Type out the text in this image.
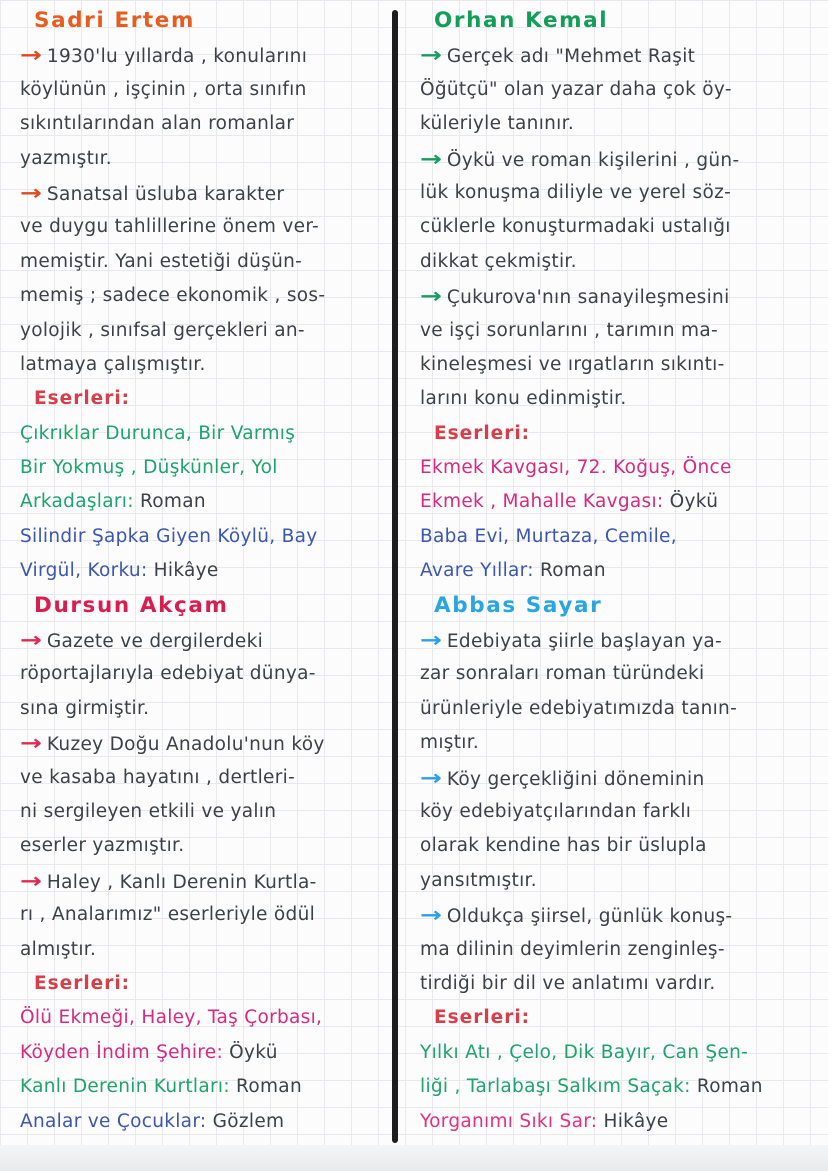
Sadri Ertem
→ 1930'lu yıllarda , konularını
köylünün , işçinin , orta sınıfın
sıkıntılarından alan romanlar
yazmıştır.
→ Sanatsal üsluba karakter
ve duygu tahlillerine önem ver-
memiştir. Yani estetiği düşün-
memiş ; sadece ekonomik , sos-
yolojik , sınıfsal gerçekleri an-
latmaya çalışmıştır.
Eserleri:
Çıkrıklar Durunca, Bir Varmış
Bir Yokmuş , Düşkünler, Yol
Arkadaşları: Roman
Silindir Şapka Giyen Köylü, Bay
Virgül, Korku: Hikâye
Dursun Akçam
→ Gazete ve dergilerdeki
röportajlarıyla edebiyat dünya-
sına girmiştir.
→ Kuzey Doğu Anadolu'nun köy
ve kasaba hayatını , dertleri-
ni sergileyen etkili ve yalın
eserler yazmıştır.
→ Haley , Kanlı Derenin Kurtla-
rı , Analarımız" eserleriyle ödül
almıştır.
Eserleri:
Ölü Ekmeği, Haley, Taş Çorbası,
Köyden İndim Şehire: Öykü
Kanlı Derenin Kurtları: Roman
Analar ve Çocuklar: Gözlem
Orhan Kemal
→ Gerçek adı "Mehmet Raşit
Öğütçü" olan yazar daha çok öy-
küleriyle tanınır.
→ Öykü ve roman kişilerini , gün-
lük konuşma diliyle ve yerel söz-
cüklerle konuşturmadaki ustalığı
dikkat çekmiştir.
→ Çukurova'nın sanayileşmesini
ve işçi sorunlarını , tarımın ma-
kineleşmesi ve ırgatların sıkıntı-
larını konu edinmiştir.
Eserleri:
Ekmek Kavgası, 72. Koğuş, Önce
Ekmek , Mahalle Kavgası: Öykü
Baba Evi, Murtaza, Cemile,
Avare Yıllar: Roman
Abbas Sayar
→ Edebiyata şiirle başlayan ya-
zar sonraları roman türündeki
ürünleriyle edebiyatımızda tanın-
mıştır.
→ Köy gerçekliğini döneminin
köy edebiyatçılarından farklı
olarak kendine has bir üslupla
yansıtmıştır.
→ Oldukça şiirsel, günlük konuş-
ma dilinin deyimlerin zenginleş-
tirdiği bir dil ve anlatımı vardır.
Eserleri:
Yılkı Atı , Çelo, Dik Bayır, Can Şen-
liği , Tarlabaşı Salkım Saçak: Roman
Yorganımı Sıkı Sar: Hikâye
